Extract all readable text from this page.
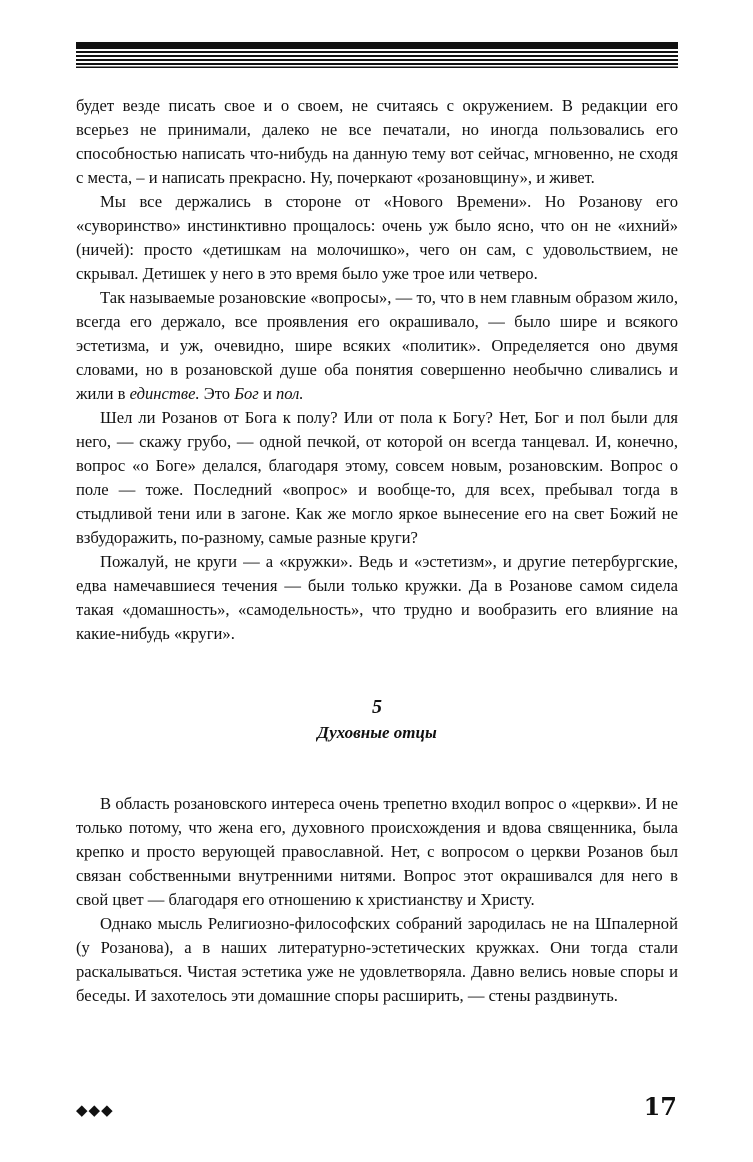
будет везде писать свое и о своем, не считаясь с окружением. В редакции его всерьез не принимали, далеко не все печатали, но иногда пользовались его способностью написать что-нибудь на данную тему вот сейчас, мгновенно, не сходя с места, – и написать прекрасно. Ну, почеркают «розановщину», и живет.

Мы все держались в стороне от «Нового Времени». Но Розанову его «суворинство» инстинктивно прощалось: очень уж было ясно, что он не «ихний» (ничей): просто «детишкам на молочишко», чего он сам, с удовольствием, не скрывал. Детишек у него в это время было уже трое или четверо.

Так называемые розановские «вопросы», — то, что в нем главным образом жило, всегда его держало, все проявления его окрашивало, — было шире и всякого эстетизма, и уж, очевидно, шире всяких «политик». Определяется оно двумя словами, но в розановской душе оба понятия совершенно необычно сливались и жили в единстве. Это Бог и пол.

Шел ли Розанов от Бога к полу? Или от пола к Богу? Нет, Бог и пол были для него, — скажу грубо, — одной печкой, от которой он всегда танцевал. И, конечно, вопрос «о Боге» делался, благодаря этому, совсем новым, розановским. Вопрос о поле — тоже. Последний «вопрос» и вообще-то, для всех, пребывал тогда в стыдливой тени или в загоне. Как же могло яркое вынесение его на свет Божий не взбудоражить, по-разному, самые разные круги?

Пожалуй, не круги — а «кружки». Ведь и «эстетизм», и другие петербургские, едва намечавшиеся течения — были только кружки. Да в Розанове самом сидела такая «домашность», «самодельность», что трудно и вообразить его влияние на какие-нибудь «круги».

5
Духовные отцы

В область розановского интереса очень трепетно входил вопрос о «церкви». И не только потому, что жена его, духовного происхождения и вдова священника, была крепко и просто верующей православной. Нет, с вопросом о церкви Розанов был связан собственными внутренними нитями. Вопрос этот окрашивался для него в свой цвет — благодаря его отношению к христианству и Христу.

Однако мысль Религиозно-философских собраний зародилась не на Шпалерной (у Розанова), а в наших литературно-эстетических кружках. Они тогда стали раскалываться. Чистая эстетика уже не удовлетворяла. Давно велись новые споры и беседы. И захотелось эти домашние споры расширить, — стены раздвинуть.

◆◆◆	17
